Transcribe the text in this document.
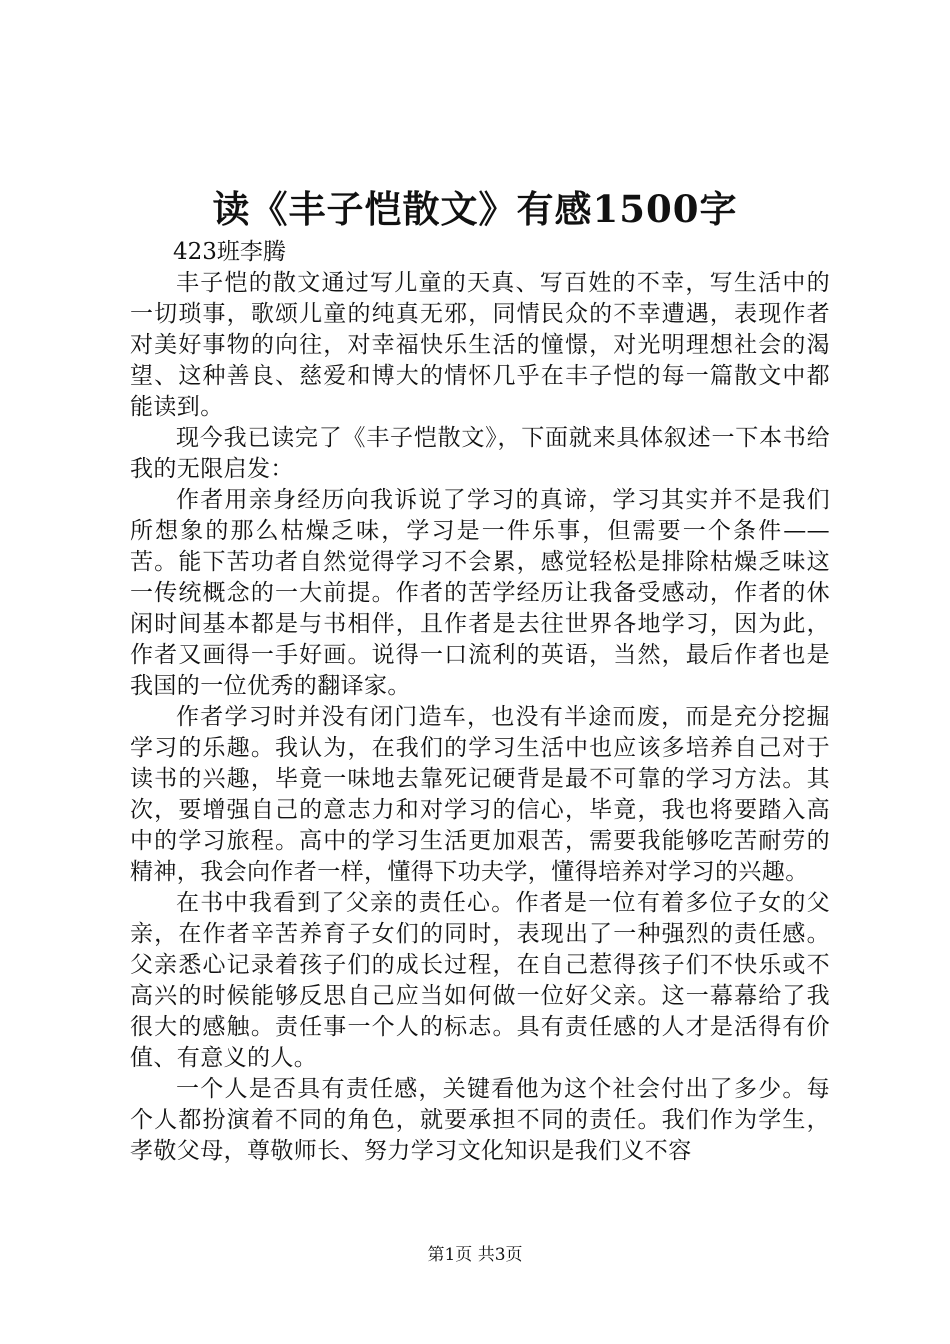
读《丰子恺散文》有感1500字
423班李腾

丰子恺的散文通过写儿童的天真、写百姓的不幸，写生活中的一切琐事，歌颂儿童的纯真无邪，同情民众的不幸遭遇，表现作者对美好事物的向往，对幸福快乐生活的憧憬，对光明理想社会的渴望、这种善良、慈爱和博大的情怀几乎在丰子恺的每一篇散文中都能读到。

现今我已读完了《丰子恺散文》，下面就来具体叙述一下本书给我的无限启发：

作者用亲身经历向我诉说了学习的真谛，学习其实并不是我们所想象的那么枯燥乏味，学习是一件乐事，但需要一个条件——苦。能下苦功者自然觉得学习不会累，感觉轻松是排除枯燥乏味这一传统概念的一大前提。作者的苦学经历让我备受感动，作者的休闲时间基本都是与书相伴，且作者是去往世界各地学习，因为此，作者又画得一手好画。说得一口流利的英语，当然，最后作者也是我国的一位优秀的翻译家。

作者学习时并没有闭门造车，也没有半途而废，而是充分挖掘学习的乐趣。我认为，在我们的学习生活中也应该多培养自己对于读书的兴趣，毕竟一味地去靠死记硬背是最不可靠的学习方法。其次，要增强自己的意志力和对学习的信心，毕竟，我也将要踏入高中的学习旅程。高中的学习生活更加艰苦，需要我能够吃苦耐劳的精神，我会向作者一样，懂得下功夫学，懂得培养对学习的兴趣。

在书中我看到了父亲的责任心。作者是一位有着多位子女的父亲，在作者辛苦养育子女们的同时，表现出了一种强烈的责任感。父亲悉心记录着孩子们的成长过程，在自己惹得孩子们不快乐或不高兴的时候能够反思自己应当如何做一位好父亲。这一幕幕给了我很大的感触。责任事一个人的标志。具有责任感的人才是活得有价值、有意义的人。

一个人是否具有责任感，关键看他为这个社会付出了多少。每个人都扮演着不同的角色，就要承担不同的责任。我们作为学生，孝敬父母，尊敬师长、努力学习文化知识是我们义不容

第1页 共3页
